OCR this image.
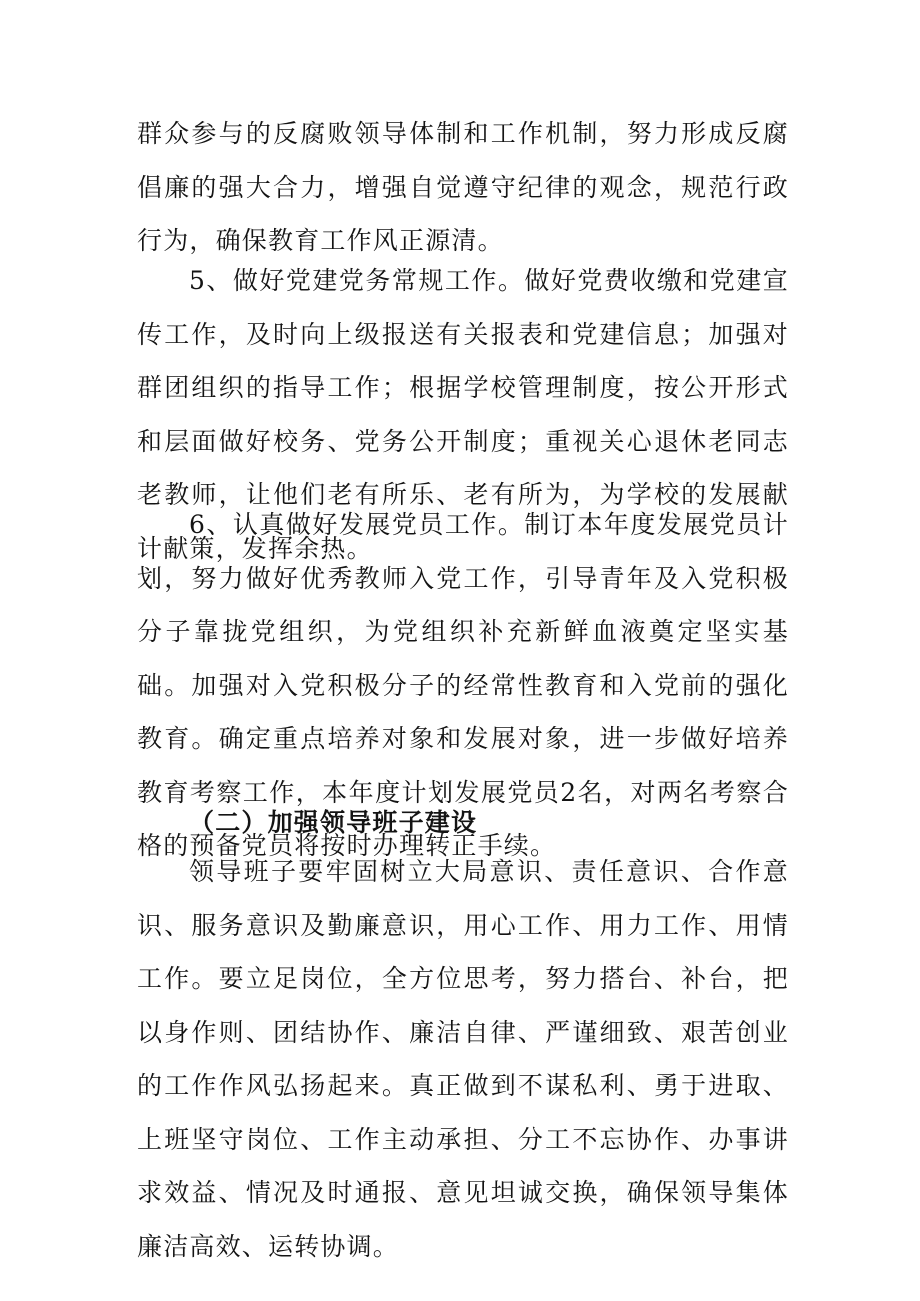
群众参与的反腐败领导体制和工作机制，努力形成反腐倡廉的强大合力，增强自觉遵守纪律的观念，规范行政行为，确保教育工作风正源清。

5、做好党建党务常规工作。做好党费收缴和党建宣传工作，及时向上级报送有关报表和党建信息；加强对群团组织的指导工作；根据学校管理制度，按公开形式和层面做好校务、党务公开制度；重视关心退休老同志老教师，让他们老有所乐、老有所为，为学校的发展献计献策，发挥余热。

6、认真做好发展党员工作。制订本年度发展党员计划，努力做好优秀教师入党工作，引导青年及入党积极分子靠拢党组织，为党组织补充新鲜血液奠定坚实基础。加强对入党积极分子的经常性教育和入党前的强化教育。确定重点培养对象和发展对象，进一步做好培养教育考察工作，本年度计划发展党员2名，对两名考察合格的预备党员将按时办理转正手续。

（二）加强领导班子建设

领导班子要牢固树立大局意识、责任意识、合作意识、服务意识及勤廉意识，用心工作、用力工作、用情工作。要立足岗位，全方位思考，努力搭台、补台，把以身作则、团结协作、廉洁自律、严谨细致、艰苦创业的工作作风弘扬起来。真正做到不谋私利、勇于进取、上班坚守岗位、工作主动承担、分工不忘协作、办事讲求效益、情况及时通报、意见坦诚交换，确保领导集体廉洁高效、运转协调。
